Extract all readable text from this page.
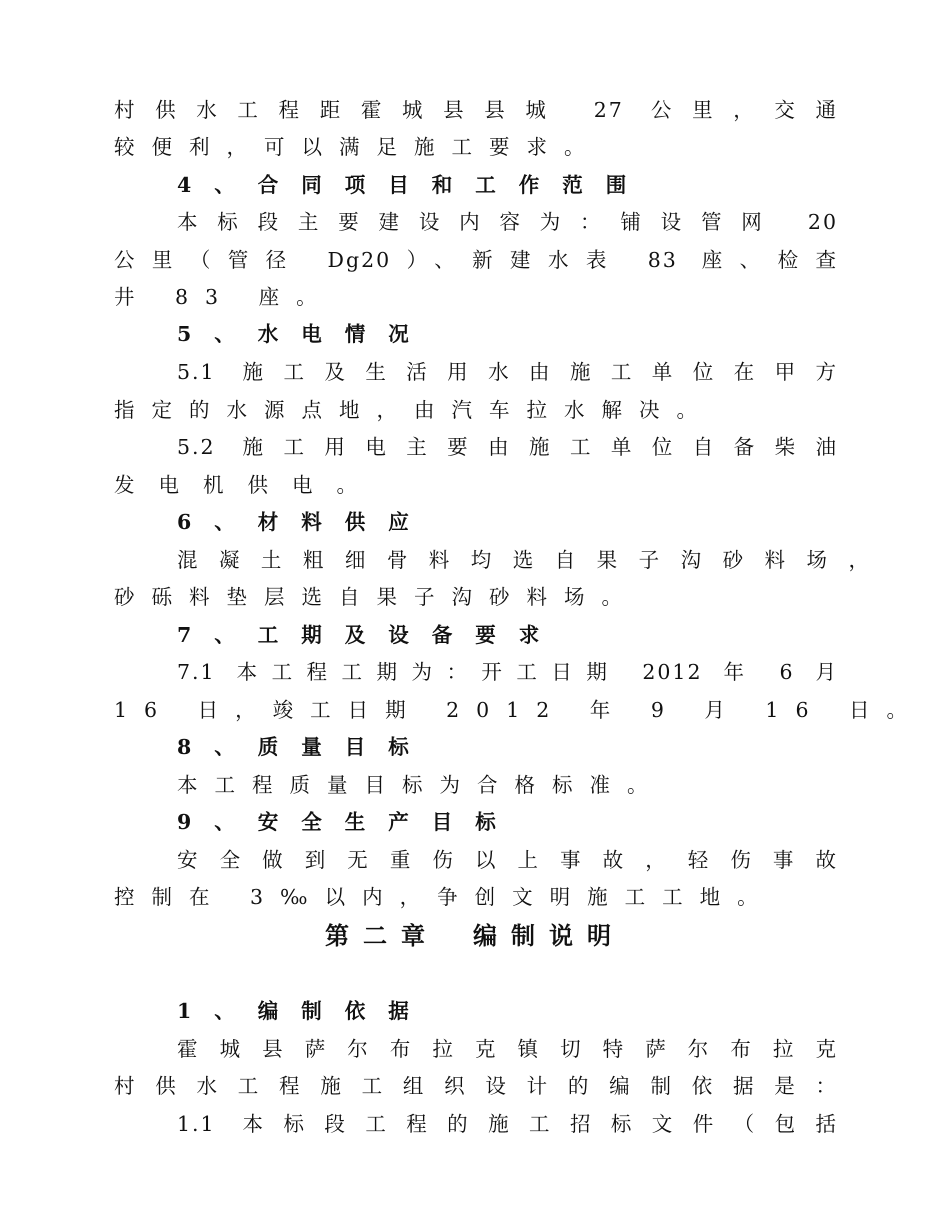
村供水工程距霍城县县城 27 公里，交通
较便利，可以满足施工要求。
4、合同项目和工作范围
本标段主要建设内容为：铺设管网 20
公里（管径 Dg20）、新建水表 83 座、检查
井 83 座。
5、水电情况
5.1 施工及生活用水由施工单位在甲方
指定的水源点地，由汽车拉水解决。
5.2 施工用电主要由施工单位自备柴油
发电机供电。
6、材料供应
混凝土粗细骨料均选自果子沟砂料场，
砂砾料垫层选自果子沟砂料场。
7、工期及设备要求
7.1 本工程工期为：开工日期 2012 年 6 月
16 日，竣工日期 2012 年 9 月 16 日。
8、质量目标
本工程质量目标为合格标准。
9、安全生产目标
安全做到无重伤以上事故，轻伤事故
控制在 3‰以内，争创文明施工工地。
第二章 编制说明
1、编制依据
霍城县萨尔布拉克镇切特萨尔布拉克
村供水工程施工组织设计的编制依据是：
1.1 本标段工程的施工招标文件（包括
